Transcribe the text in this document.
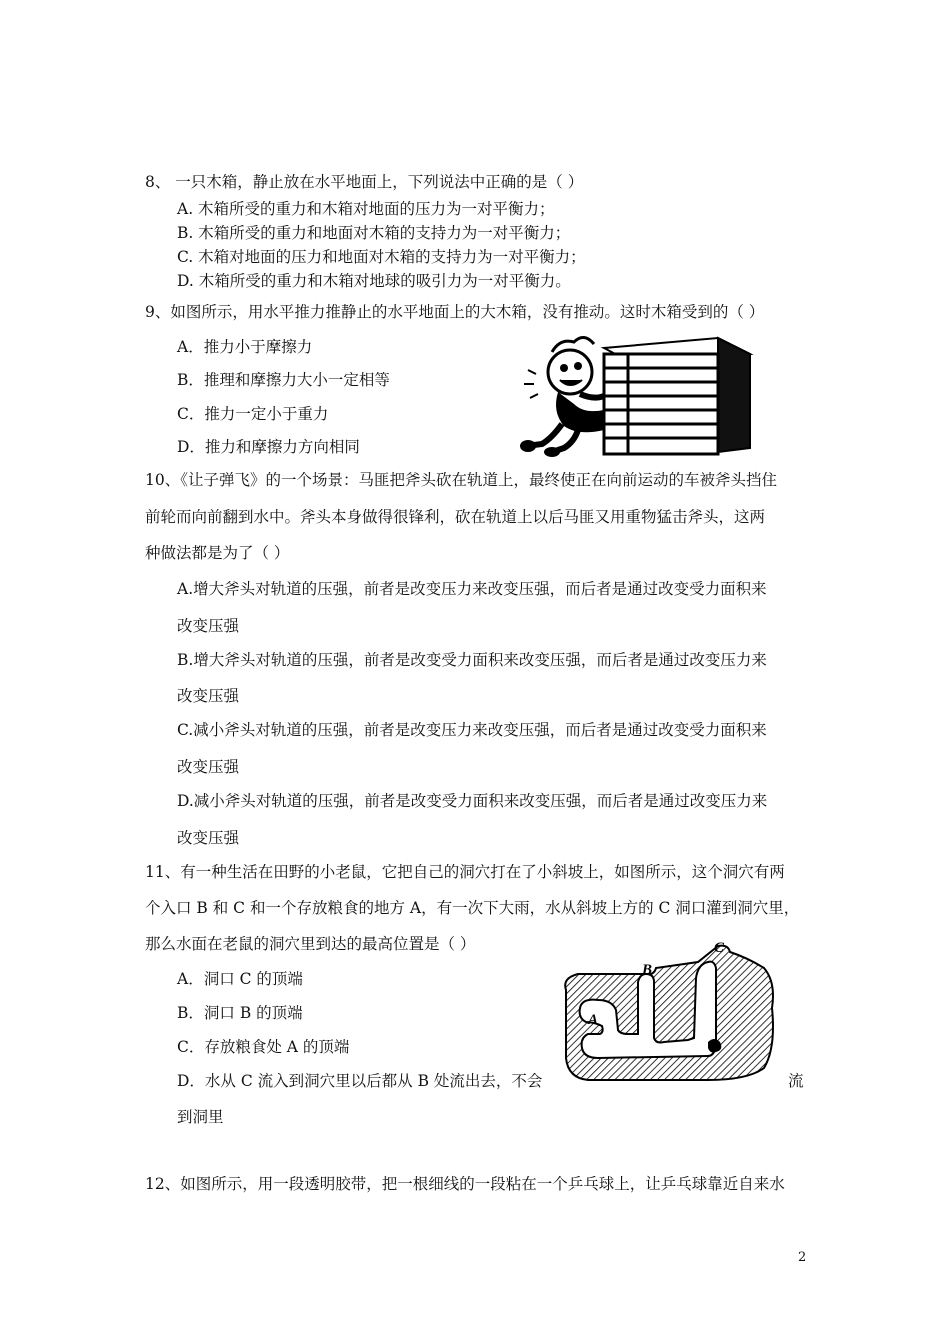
8、 一只木箱，静止放在水平地面上，下列说法中正确的是（ ）
A. 木箱所受的重力和木箱对地面的压力为一对平衡力；
B. 木箱所受的重力和地面对木箱的支持力为一对平衡力；
C. 木箱对地面的压力和地面对木箱的支持力为一对平衡力；
D. 木箱所受的重力和木箱对地球的吸引力为一对平衡力。
9、如图所示，用水平推力推静止的水平地面上的大木箱，没有推动。这时木箱受到的（ ）
A．推力小于摩擦力
B．推理和摩擦力大小一定相等
C．推力一定小于重力
D．推力和摩擦力方向相同
10、《让子弹飞》的一个场景：马匪把斧头砍在轨道上，最终使正在向前运动的车被斧头挡住
前轮而向前翻到水中。斧头本身做得很锋利，砍在轨道上以后马匪又用重物猛击斧头，这两
种做法都是为了（ ）
A.增大斧头对轨道的压强，前者是改变压力来改变压强，而后者是通过改变受力面积来
改变压强
B.增大斧头对轨道的压强，前者是改变受力面积来改变压强，而后者是通过改变压力来
改变压强
C.减小斧头对轨道的压强，前者是改变压力来改变压强，而后者是通过改变受力面积来
改变压强
D.减小斧头对轨道的压强，前者是改变受力面积来改变压强，而后者是通过改变压力来
改变压强
11、有一种生活在田野的小老鼠，它把自己的洞穴打在了小斜坡上，如图所示，这个洞穴有两
个入口 B 和 C 和一个存放粮食的地方 A，有一次下大雨，水从斜坡上方的 C 洞口灌到洞穴里，
那么水面在老鼠的洞穴里到达的最高位置是（ ）
A．洞口 C 的顶端
B．洞口 B 的顶端
C．存放粮食处 A 的顶端
D．水从 C 流入到洞穴里以后都从 B 处流出去，不会	流
到洞里
A
B
C
12、如图所示，用一段透明胶带，把一根细线的一段粘在一个乒乓球上，让乒乓球靠近自来水
2
